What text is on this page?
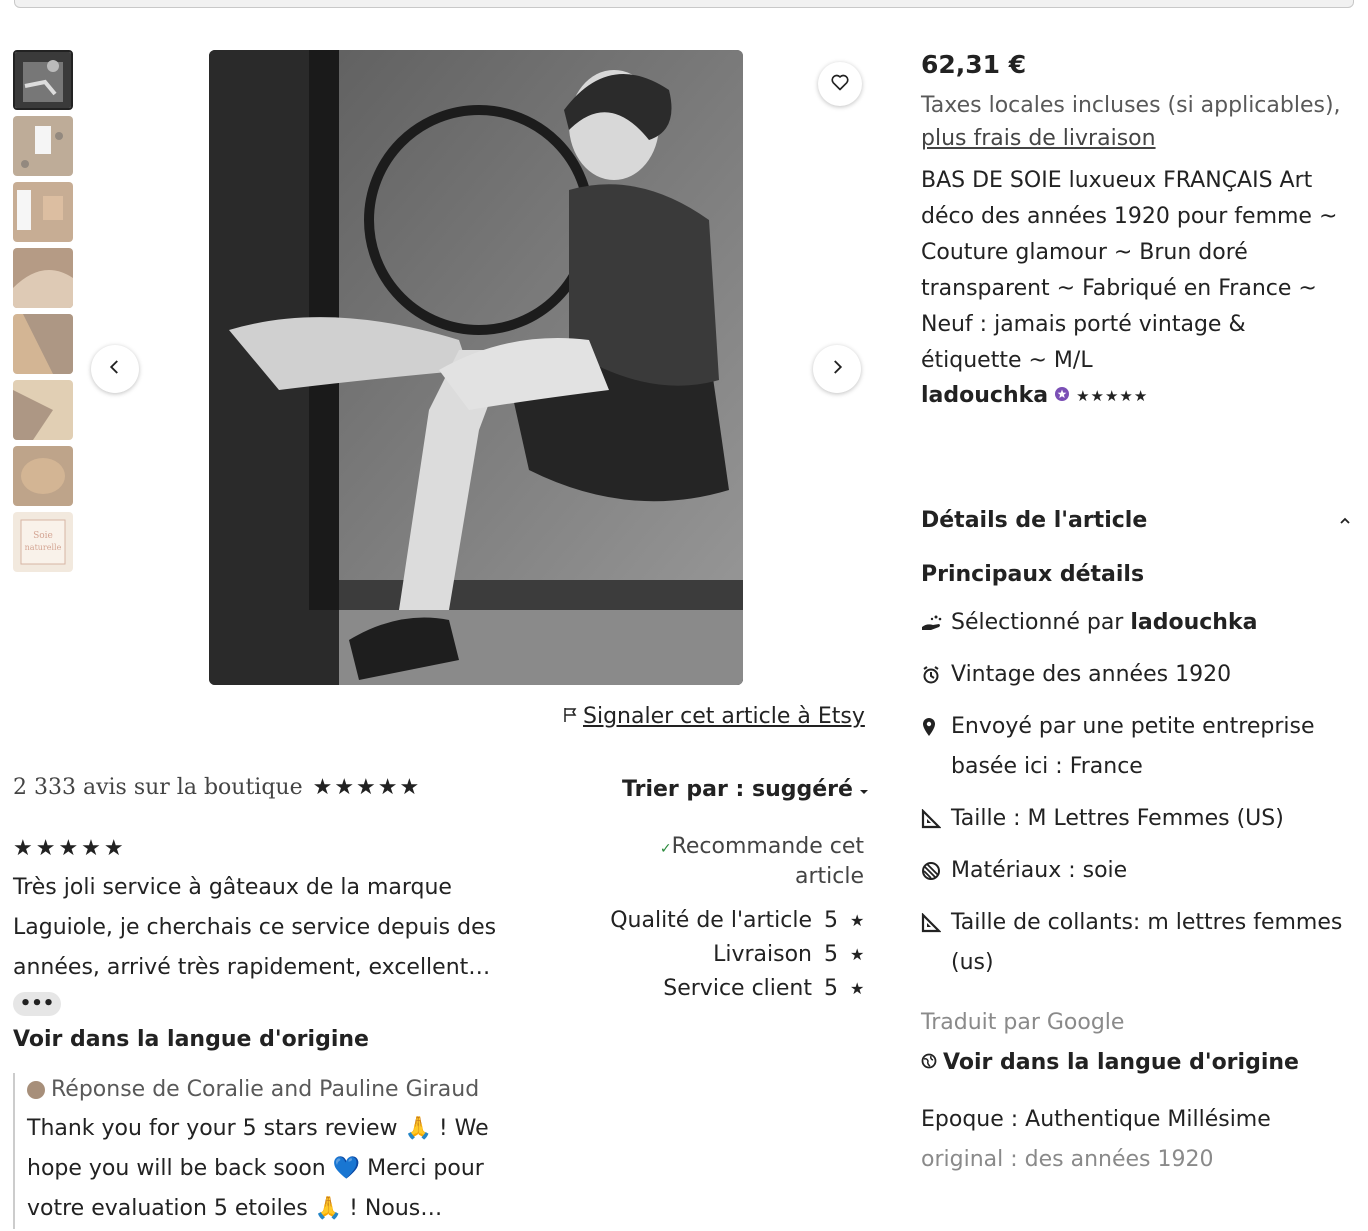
Soie
naturelle
Signaler cet article à Etsy
62,31 €
Taxes locales incluses (si applicables), plus frais de livraison
BAS DE SOIE luxueux FRANÇAIS Art déco des années 1920 pour femme ~ Couture glamour ~ Brun doré transparent ~ Fabriqué en France ~ Neuf : jamais porté vintage & étiquette ~ M/L
ladouchka ★★★★★
Détails de l'article
Principaux détails
Sélectionné par ladouchka
Vintage des années 1920
Envoyé par une petite entreprise basée ici : France
Taille : M Lettres Femmes (US)
Matériaux : soie
Taille de collants: m lettres femmes (us)
Traduit par Google
Voir dans la langue d'origine
Epoque : Authentique Millésime
original : des années 1920
2 333 avis sur la boutique ★★★★★	Trier par : suggéré
★★★★★
Très joli service à gâteaux de la marque Laguiole, je cherchais ce service depuis des années, arrivé très rapidement, excellent…
•••
Voir dans la langue d'origine
Réponse de Coralie and Pauline Giraud
Thank you for your 5 stars review 🙏 ! We hope you will be back soon 💙 Merci pour votre evaluation 5 etoiles 🙏 ! Nous…
✓Recommande cet article
Qualité de l'article 5 ★
Livraison 5 ★
Service client 5 ★
